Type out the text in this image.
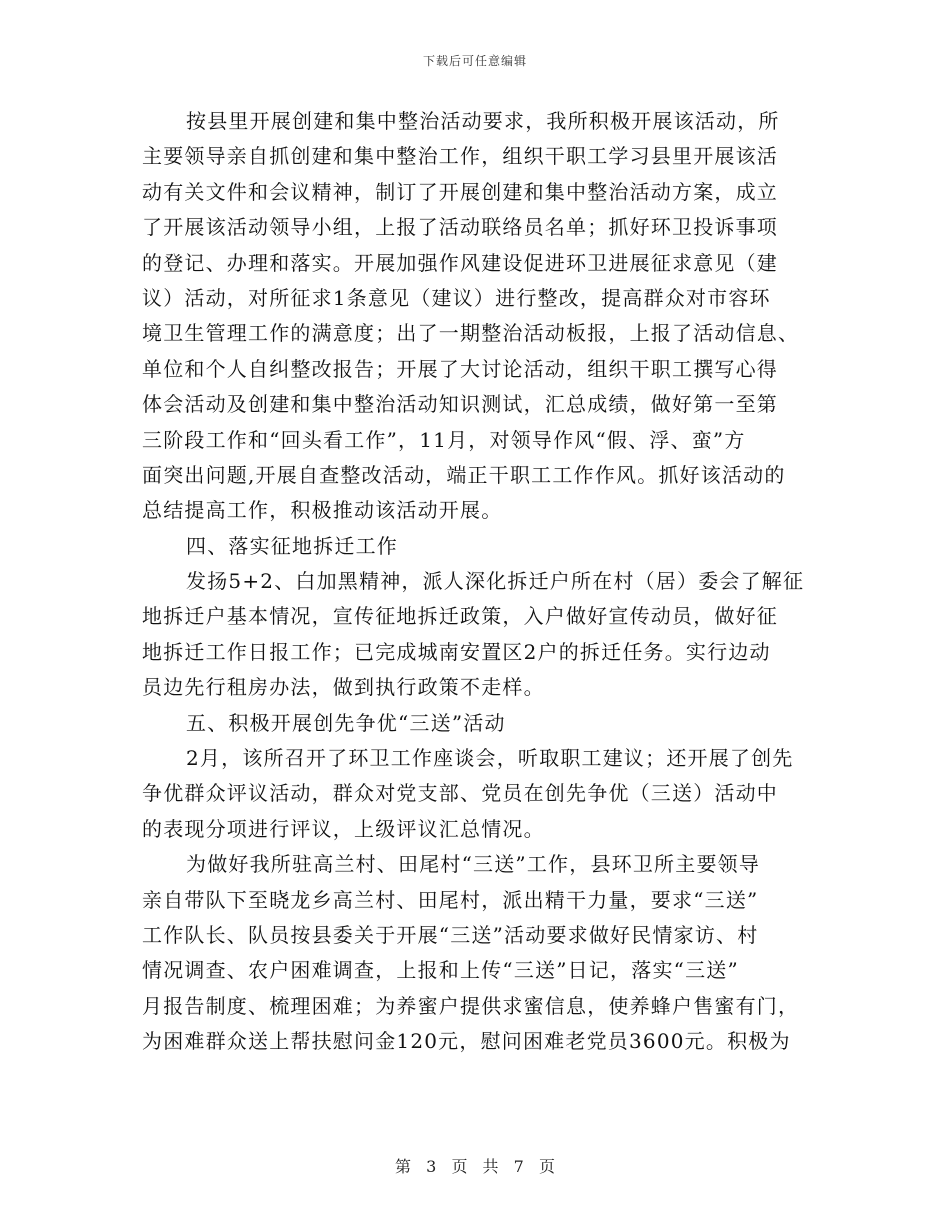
下载后可任意编辑
按县里开展创建和集中整治活动要求，我所积极开展该活动，所
主要领导亲自抓创建和集中整治工作，组织干职工学习县里开展该活
动有关文件和会议精神，制订了开展创建和集中整治活动方案，成立
了开展该活动领导小组，上报了活动联络员名单；抓好环卫投诉事项
的登记、办理和落实。开展加强作风建设促进环卫进展征求意见（建
议）活动，对所征求1条意见（建议）进行整改，提高群众对市容环
境卫生管理工作的满意度；出了一期整治活动板报，上报了活动信息、
单位和个人自纠整改报告；开展了大讨论活动，组织干职工撰写心得
体会活动及创建和集中整治活动知识测试，汇总成绩，做好第一至第
三阶段工作和“回头看工作”，11月，对领导作风“假、浮、蛮”方
面突出问题,开展自查整改活动，端正干职工工作作风。抓好该活动的
总结提高工作，积极推动该活动开展。
四、落实征地拆迁工作
发扬5+2、白加黑精神，派人深化拆迁户所在村（居）委会了解征
地拆迁户基本情况，宣传征地拆迁政策，入户做好宣传动员，做好征
地拆迁工作日报工作；已完成城南安置区2户的拆迁任务。实行边动
员边先行租房办法，做到执行政策不走样。
五、积极开展创先争优“三送”活动
2月，该所召开了环卫工作座谈会，听取职工建议；还开展了创先
争优群众评议活动，群众对党支部、党员在创先争优（三送）活动中
的表现分项进行评议，上级评议汇总情况。
为做好我所驻高兰村、田尾村“三送”工作，县环卫所主要领导
亲自带队下至晓龙乡高兰村、田尾村，派出精干力量，要求“三送”
工作队长、队员按县委关于开展“三送”活动要求做好民情家访、村
情况调查、农户困难调查，上报和上传“三送”日记，落实“三送”
月报告制度、梳理困难；为养蜜户提供求蜜信息，使养蜂户售蜜有门，
为困难群众送上帮扶慰问金120元，慰问困难老党员3600元。积极为
第 3 页 共 7 页
